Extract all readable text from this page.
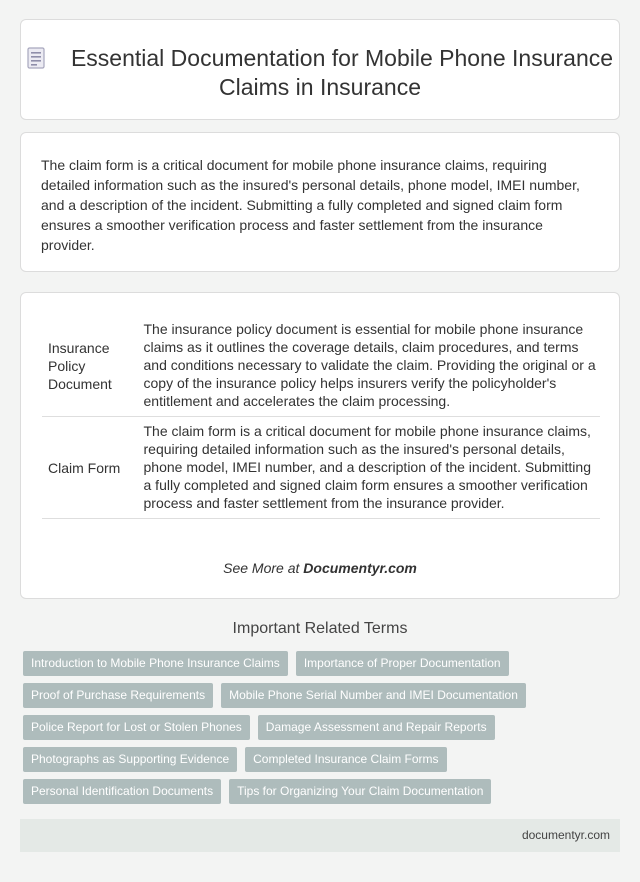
Essential Documentation for Mobile Phone Insurance Claims in Insurance

The claim form is a critical document for mobile phone insurance claims, requiring detailed information such as the insured's personal details, phone model, IMEI number, and a description of the incident. Submitting a fully completed and signed claim form ensures a smoother verification process and faster settlement from the insurance provider.

Insurance Policy Document	The insurance policy document is essential for mobile phone insurance claims as it outlines the coverage details, claim procedures, and terms and conditions necessary to validate the claim. Providing the original or a copy of the insurance policy helps insurers verify the policyholder's entitlement and accelerates the claim processing.
Claim Form	The claim form is a critical document for mobile phone insurance claims, requiring detailed information such as the insured's personal details, phone model, IMEI number, and a description of the incident. Submitting a fully completed and signed claim form ensures a smoother verification process and faster settlement from the insurance provider.
See More at Documentyr.com
Important Related Terms
Introduction to Mobile Phone Insurance Claims Importance of Proper Documentation
Proof of Purchase Requirements Mobile Phone Serial Number and IMEI Documentation
Police Report for Lost or Stolen Phones Damage Assessment and Repair Reports
Photographs as Supporting Evidence Completed Insurance Claim Forms
Personal Identification Documents Tips for Organizing Your Claim Documentation
documentyr.com
